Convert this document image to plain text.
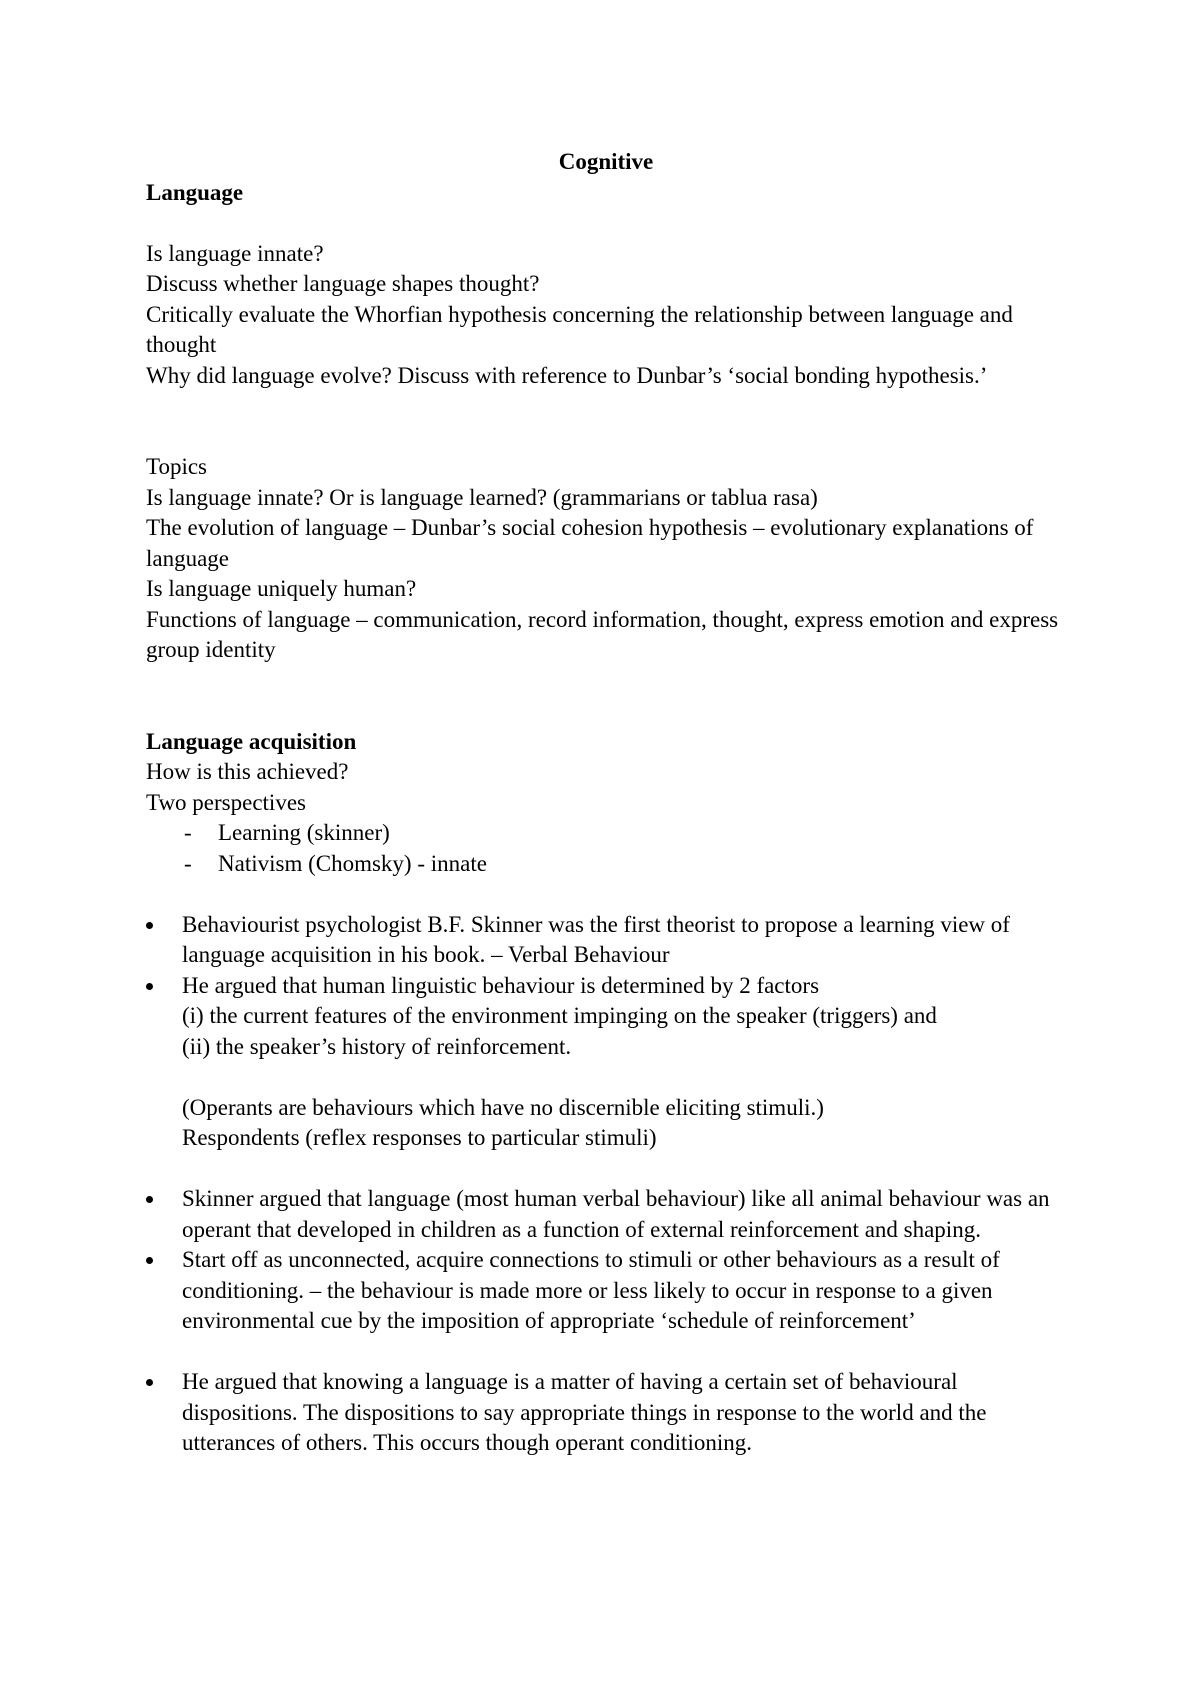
Cognitive

Language

Is language innate?

Discuss whether language shapes thought?

Critically evaluate the Whorfian hypothesis concerning the relationship between language and thought

Why did language evolve? Discuss with reference to Dunbar’s ‘social bonding hypothesis.’

Topics

Is language innate? Or is language learned? (grammarians or tablua rasa)

The evolution of language – Dunbar’s social cohesion hypothesis – evolutionary explanations of language

Is language uniquely human?

Functions of language – communication, record information, thought, express emotion and express group identity

Language acquisition

How is this achieved?

Two perspectives

- Learning (skinner)
- Nativism (Chomsky) - innate
Behaviourist psychologist B.F. Skinner was the first theorist to propose a learning view of language acquisition in his book. – Verbal Behaviour
He argued that human linguistic behaviour is determined by 2 factors

(i) the current features of the environment impinging on the speaker (triggers) and

(ii) the speaker’s history of reinforcement.

(Operants are behaviours which have no discernible eliciting stimuli.)

Respondents (reflex responses to particular stimuli)

Skinner argued that language (most human verbal behaviour) like all animal behaviour was an operant that developed in children as a function of external reinforcement and shaping.
Start off as unconnected, acquire connections to stimuli or other behaviours as a result of conditioning. – the behaviour is made more or less likely to occur in response to a given environmental cue by the imposition of appropriate ‘schedule of reinforcement’
He argued that knowing a language is a matter of having a certain set of behavioural dispositions. The dispositions to say appropriate things in response to the world and the utterances of others. This occurs though operant conditioning.
